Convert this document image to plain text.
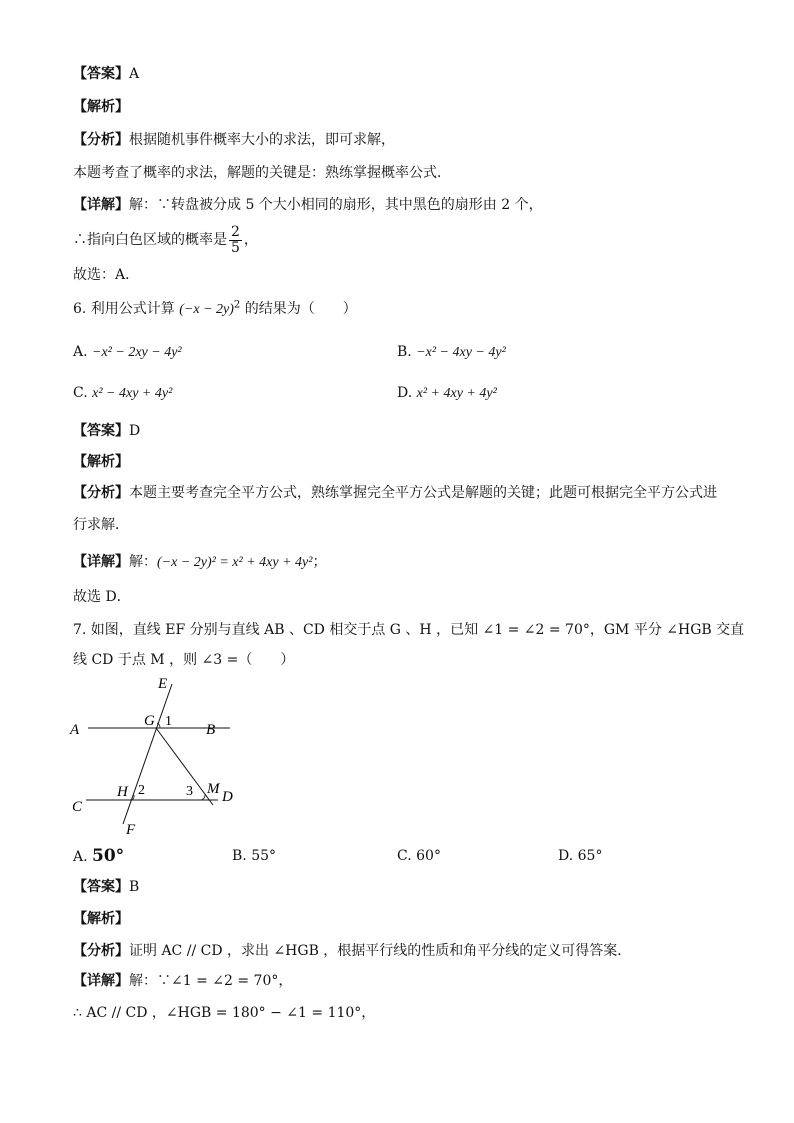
【答案】A
【解析】
【分析】根据随机事件概率大小的求法，即可求解，
本题考查了概率的求法，解题的关键是：熟练掌握概率公式．
【详解】解：∵转盘被分成 5 个大小相同的扇形，其中黑色的扇形由 2 个，
∴指向白色区域的概率是 $\frac{2}{5}$ ，
故选：A．
6. 利用公式计算 $(-x - 2y)^2$ 的结果为（　　）
A. −x² − 2xy − 4y²	B. −x² − 4xy − 4y²
C. x² − 4xy + 4y²	D. x² + 4xy + 4y²
【答案】D
【解析】
【分析】本题主要考查完全平方公式，熟练掌握完全平方公式是解题的关键；此题可根据完全平方公式进
行求解．
【详解】解：(−x − 2y)² = x² + 4xy + 4y²；
故选 D．
7. 如图，直线 EF 分别与直线 AB 、CD 相交于点 G 、H ，已知 ∠1 = ∠2 = 70°，GM 平分 ∠HGB 交直
线 CD 于点 M ，则 ∠3 =（　　）
E
G 1
A	B
H 2	3 M D
C
F
A. 50°	B. 55°	C. 60°	D. 65°
【答案】B
【解析】
【分析】证明 AC // CD ，求出 ∠HGB ，根据平行线的性质和角平分线的定义可得答案．
【详解】解：∵∠1 = ∠2 = 70°，
∴ AC // CD ，∠HGB = 180° − ∠1 = 110°，
